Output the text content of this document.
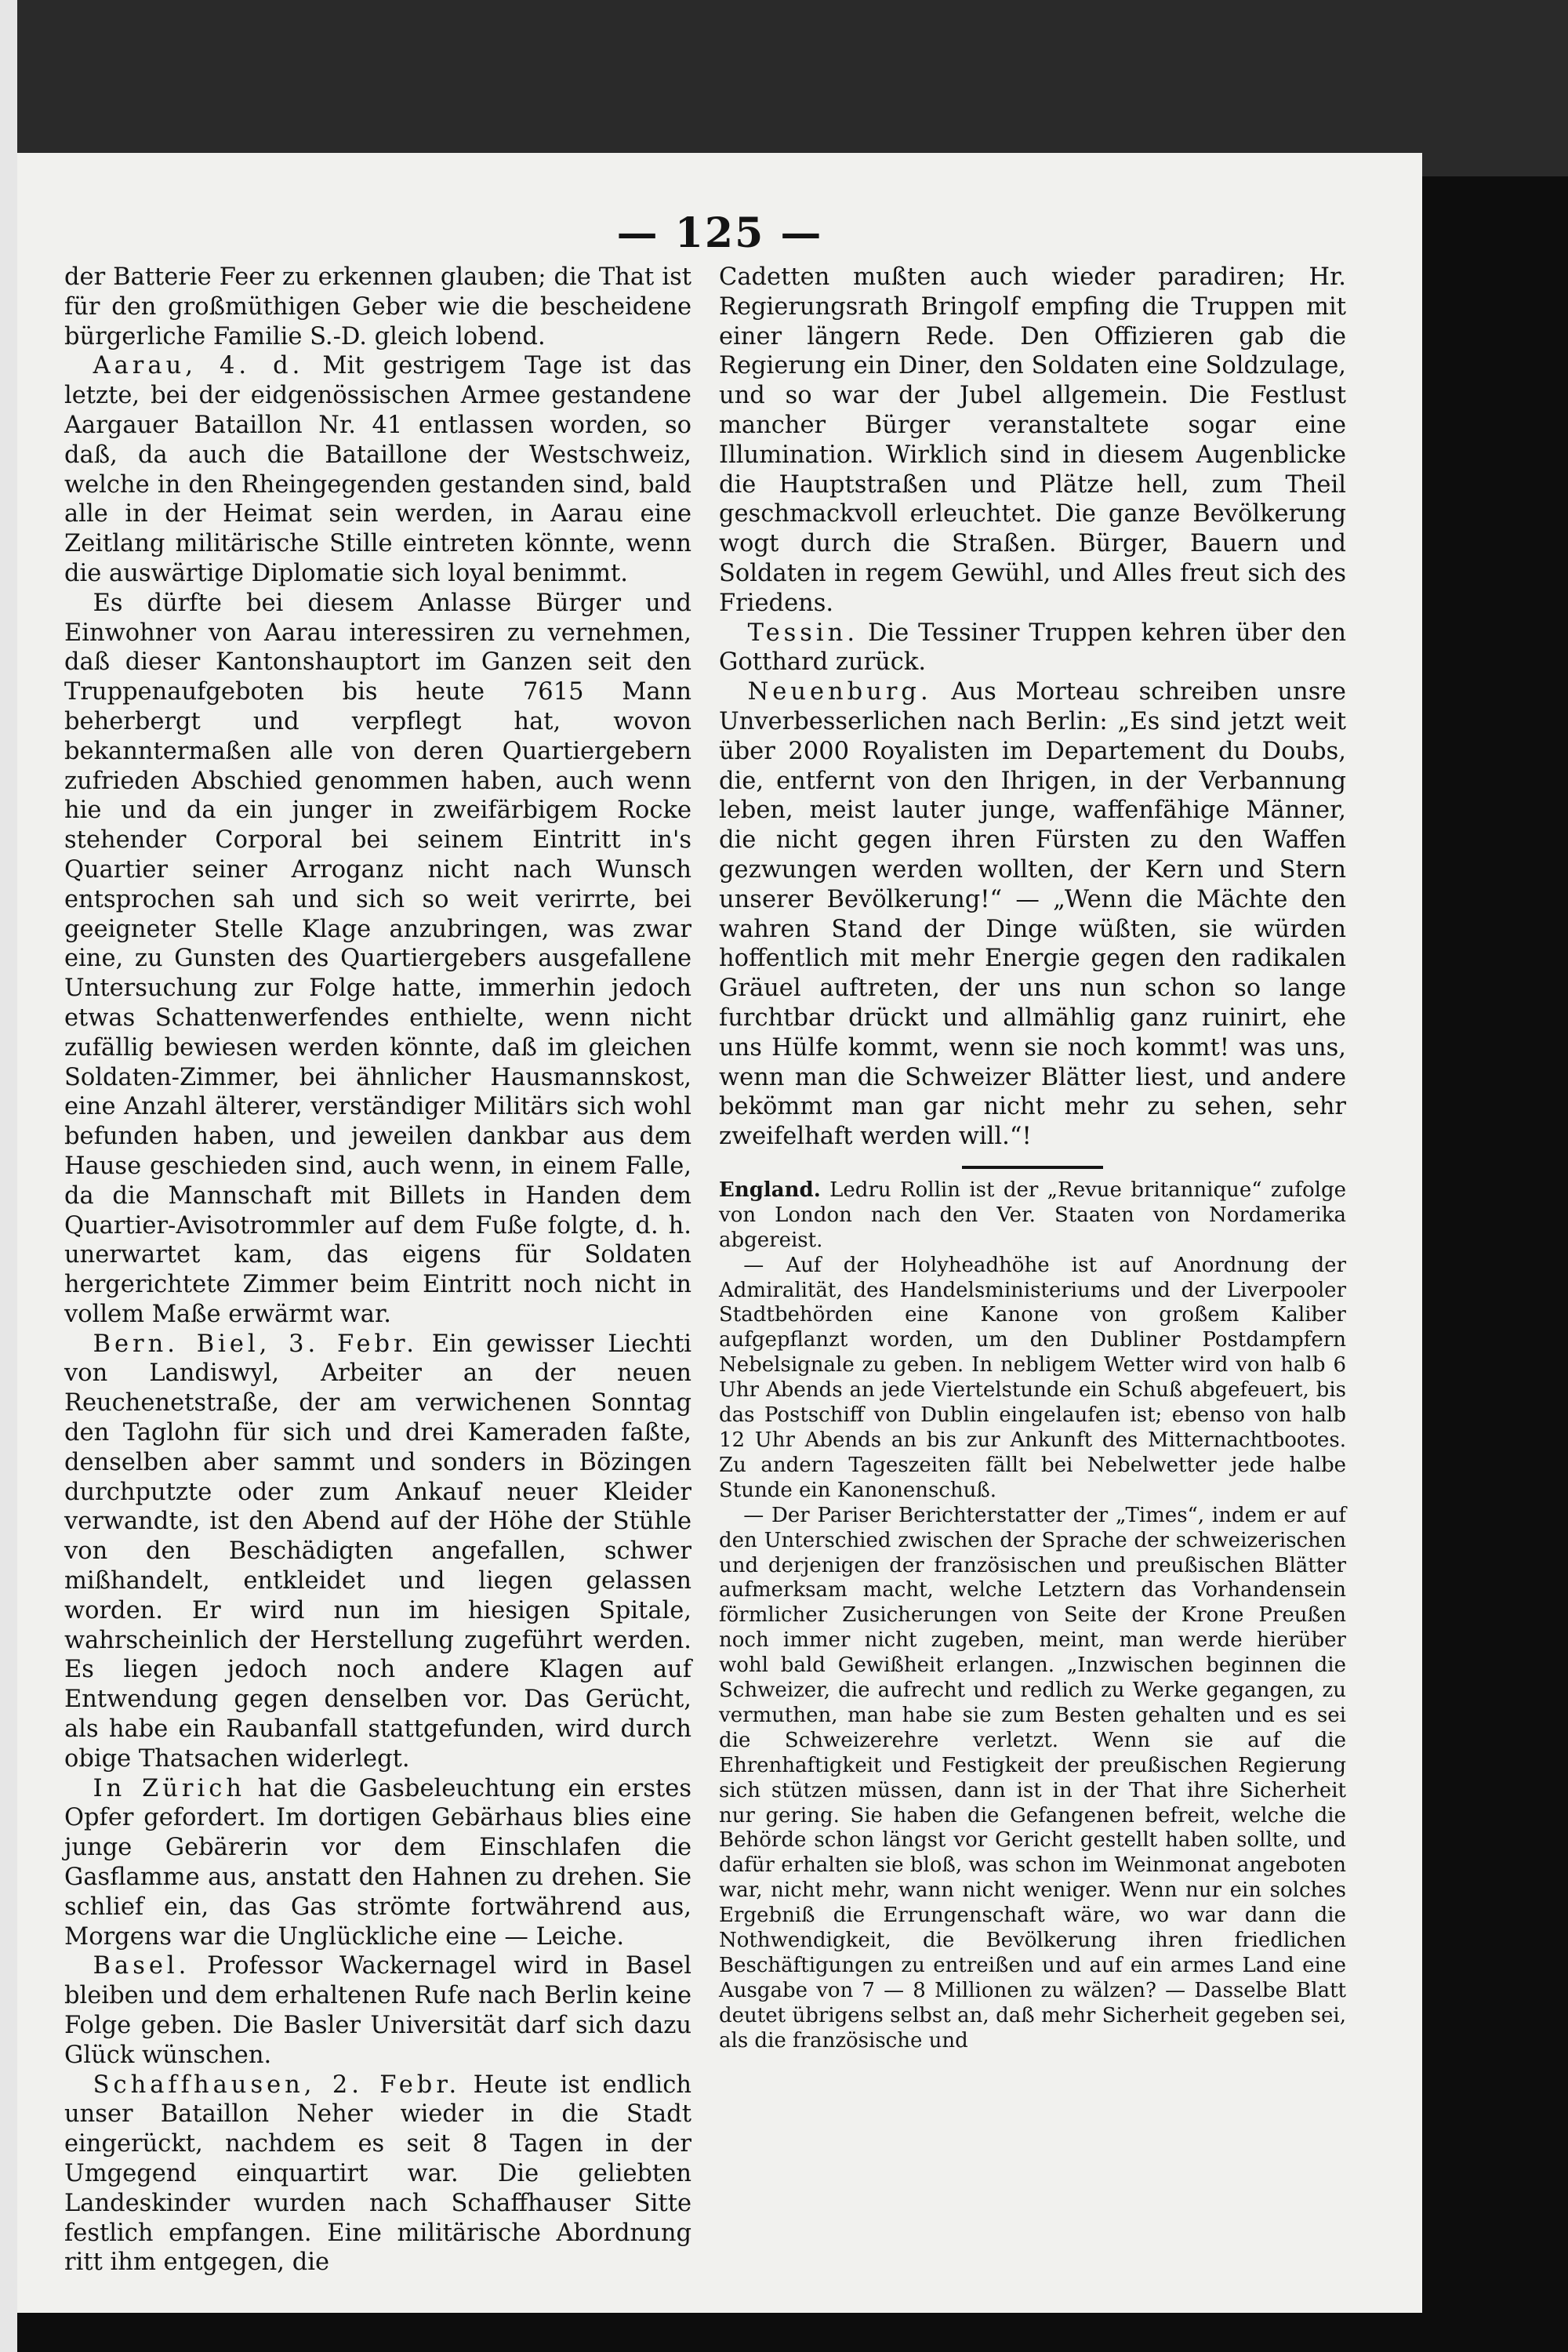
— 125 —

der Batterie Feer zu erkennen glauben; die That ist für den großmüthigen Geber wie die bescheidene bürgerliche Familie S.-D. gleich lobend.

Aarau, 4. d. Mit gestrigem Tage ist das letzte, bei der eidgenössischen Armee gestandene Aargauer Bataillon Nr. 41 entlassen worden, so daß, da auch die Bataillone der Westschweiz, welche in den Rheingegenden gestanden sind, bald alle in der Heimat sein werden, in Aarau eine Zeitlang militärische Stille eintreten könnte, wenn die auswärtige Diplomatie sich loyal benimmt.

Es dürfte bei diesem Anlasse Bürger und Einwohner von Aarau interessiren zu vernehmen, daß dieser Kantonshauptort im Ganzen seit den Truppenaufgeboten bis heute 7615 Mann beherbergt und verpflegt hat, wovon bekanntermaßen alle von deren Quartiergebern zufrieden Abschied genommen haben, auch wenn hie und da ein junger in zweifärbigem Rocke stehender Corporal bei seinem Eintritt in's Quartier seiner Arroganz nicht nach Wunsch entsprochen sah und sich so weit verirrte, bei geeigneter Stelle Klage anzubringen, was zwar eine, zu Gunsten des Quartiergebers ausgefallene Untersuchung zur Folge hatte, immerhin jedoch etwas Schattenwerfendes enthielte, wenn nicht zufällig bewiesen werden könnte, daß im gleichen Soldaten-Zimmer, bei ähnlicher Hausmannskost, eine Anzahl älterer, verständiger Militärs sich wohl befunden haben, und jeweilen dankbar aus dem Hause geschieden sind, auch wenn, in einem Falle, da die Mannschaft mit Billets in Handen dem Quartier-Avisotrommler auf dem Fuße folgte, d. h. unerwartet kam, das eigens für Soldaten hergerichtete Zimmer beim Eintritt noch nicht in vollem Maße erwärmt war.

Bern. Biel, 3. Febr. Ein gewisser Liechti von Landiswyl, Arbeiter an der neuen Reuchenetstraße, der am verwichenen Sonntag den Taglohn für sich und drei Kameraden faßte, denselben aber sammt und sonders in Bözingen durchputzte oder zum Ankauf neuer Kleider verwandte, ist den Abend auf der Höhe der Stühle von den Beschädigten angefallen, schwer mißhandelt, entkleidet und liegen gelassen worden. Er wird nun im hiesigen Spitale, wahrscheinlich der Herstellung zugeführt werden. Es liegen jedoch noch andere Klagen auf Entwendung gegen denselben vor. Das Gerücht, als habe ein Raubanfall stattgefunden, wird durch obige Thatsachen widerlegt.

In Zürich hat die Gasbeleuchtung ein erstes Opfer gefordert. Im dortigen Gebärhaus blies eine junge Gebärerin vor dem Einschlafen die Gasflamme aus, anstatt den Hahnen zu drehen. Sie schlief ein, das Gas strömte fortwährend aus, Morgens war die Unglückliche eine — Leiche.

Basel. Professor Wackernagel wird in Basel bleiben und dem erhaltenen Rufe nach Berlin keine Folge geben. Die Basler Universität darf sich dazu Glück wünschen.

Schaffhausen, 2. Febr. Heute ist endlich unser Bataillon Neher wieder in die Stadt eingerückt, nachdem es seit 8 Tagen in der Umgegend einquartirt war. Die geliebten Landeskinder wurden nach Schaffhauser Sitte festlich empfangen. Eine militärische Abordnung ritt ihm entgegen, die

Cadetten mußten auch wieder paradiren; Hr. Regierungsrath Bringolf empfing die Truppen mit einer längern Rede. Den Offizieren gab die Regierung ein Diner, den Soldaten eine Soldzulage, und so war der Jubel allgemein. Die Festlust mancher Bürger veranstaltete sogar eine Illumination. Wirklich sind in diesem Augenblicke die Hauptstraßen und Plätze hell, zum Theil geschmackvoll erleuchtet. Die ganze Bevölkerung wogt durch die Straßen. Bürger, Bauern und Soldaten in regem Gewühl, und Alles freut sich des Friedens.

Tessin. Die Tessiner Truppen kehren über den Gotthard zurück.

Neuenburg. Aus Morteau schreiben unsre Unverbesserlichen nach Berlin: „Es sind jetzt weit über 2000 Royalisten im Departement du Doubs, die, entfernt von den Ihrigen, in der Verbannung leben, meist lauter junge, waffenfähige Männer, die nicht gegen ihren Fürsten zu den Waffen gezwungen werden wollten, der Kern und Stern unserer Bevölkerung!“ — „Wenn die Mächte den wahren Stand der Dinge wüßten, sie würden hoffentlich mit mehr Energie gegen den radikalen Gräuel auftreten, der uns nun schon so lange furchtbar drückt und allmählig ganz ruinirt, ehe uns Hülfe kommt, wenn sie noch kommt! was uns, wenn man die Schweizer Blätter liest, und andere bekömmt man gar nicht mehr zu sehen, sehr zweifelhaft werden will.“!

England. Ledru Rollin ist der „Revue britannique“ zufolge von London nach den Ver. Staaten von Nordamerika abgereist.

— Auf der Holyheadhöhe ist auf Anordnung der Admiralität, des Handelsministeriums und der Liverpooler Stadtbehörden eine Kanone von großem Kaliber aufgepflanzt worden, um den Dubliner Postdampfern Nebelsignale zu geben. In nebligem Wetter wird von halb 6 Uhr Abends an jede Viertelstunde ein Schuß abgefeuert, bis das Postschiff von Dublin eingelaufen ist; ebenso von halb 12 Uhr Abends an bis zur Ankunft des Mitternachtbootes. Zu andern Tageszeiten fällt bei Nebelwetter jede halbe Stunde ein Kanonenschuß.

— Der Pariser Berichterstatter der „Times“, indem er auf den Unterschied zwischen der Sprache der schweizerischen und derjenigen der französischen und preußischen Blätter aufmerksam macht, welche Letztern das Vorhandensein förmlicher Zusicherungen von Seite der Krone Preußen noch immer nicht zugeben, meint, man werde hierüber wohl bald Gewißheit erlangen. „Inzwischen beginnen die Schweizer, die aufrecht und redlich zu Werke gegangen, zu vermuthen, man habe sie zum Besten gehalten und es sei die Schweizerehre verletzt. Wenn sie auf die Ehrenhaftigkeit und Festigkeit der preußischen Regierung sich stützen müssen, dann ist in der That ihre Sicherheit nur gering. Sie haben die Gefangenen befreit, welche die Behörde schon längst vor Gericht gestellt haben sollte, und dafür erhalten sie bloß, was schon im Weinmonat angeboten war, nicht mehr, wann nicht weniger. Wenn nur ein solches Ergebniß die Errungenschaft wäre, wo war dann die Nothwendigkeit, die Bevölkerung ihren friedlichen Beschäftigungen zu entreißen und auf ein armes Land eine Ausgabe von 7 — 8 Millionen zu wälzen? — Dasselbe Blatt deutet übrigens selbst an, daß mehr Sicherheit gegeben sei, als die französische und
